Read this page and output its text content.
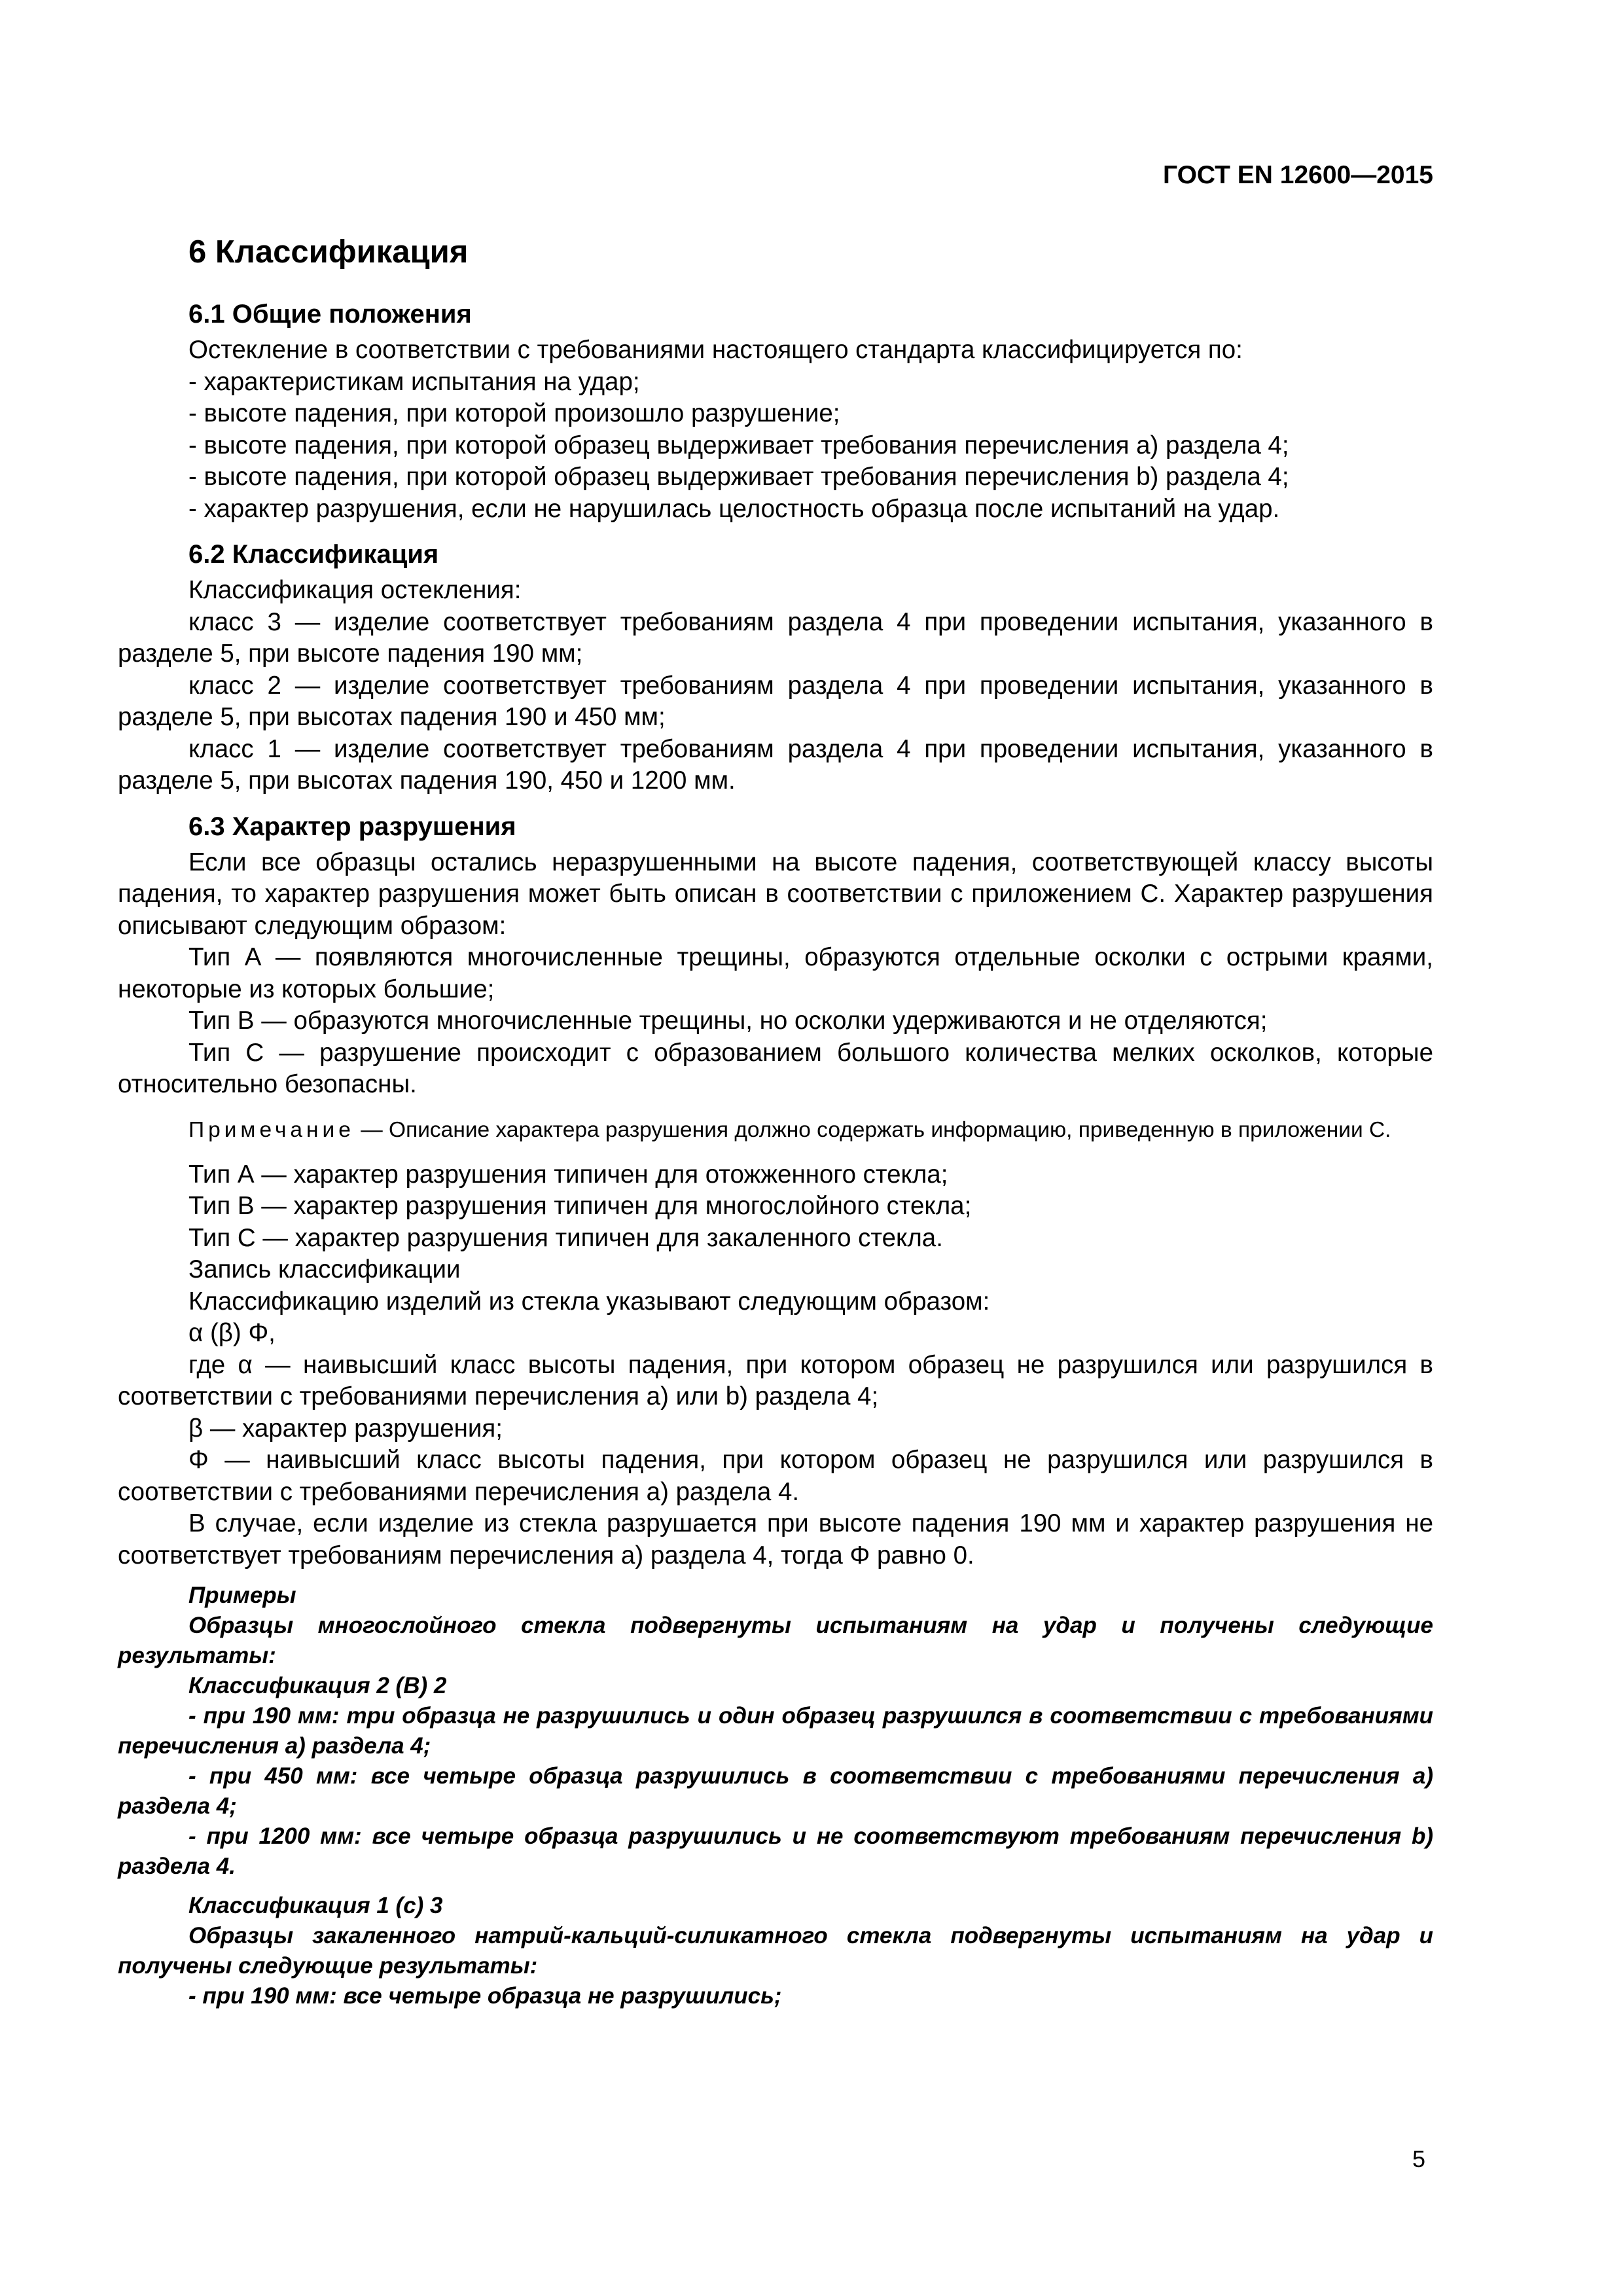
ГОСТ EN 12600—2015
6 Классификация
6.1 Общие положения

Остекление в соответствии с требованиями настоящего стандарта классифицируется по:

- характеристикам испытания на удар;

- высоте падения, при которой произошло разрушение;

- высоте падения, при которой образец выдерживает требования перечисления а) раздела 4;

- высоте падения, при которой образец выдерживает требования перечисления b) раздела 4;

- характер разрушения, если не нарушилась целостность образца после испытаний на удар.

6.2 Классификация

Классификация остекления:

класс 3 — изделие соответствует требованиям раздела 4 при проведении испытания, указанного в разделе 5, при высоте падения 190 мм;

класс 2 — изделие соответствует требованиям раздела 4 при проведении испытания, указанного в разделе 5, при высотах падения 190 и 450 мм;

класс 1 — изделие соответствует требованиям раздела 4 при проведении испытания, указанного в разделе 5, при высотах падения 190, 450 и 1200 мм.

6.3 Характер разрушения

Если все образцы остались неразрушенными на высоте падения, соответствующей классу высоты падения, то характер разрушения может быть описан в соответствии с приложением С. Характер разрушения описывают следующим образом:

Тип А — появляются многочисленные трещины, образуются отдельные осколки с острыми краями, некоторые из которых большие;

Тип В — образуются многочисленные трещины, но осколки удерживаются и не отделяются;

Тип С — разрушение происходит с образованием большого количества мелких осколков, которые относительно безопасны.

Примечание — Описание характера разрушения должно содержать информацию, приведенную в приложении С.

Тип А — характер разрушения типичен для отожженного стекла;

Тип В — характер разрушения типичен для многослойного стекла;

Тип С — характер разрушения типичен для закаленного стекла.

Запись классификации

Классификацию изделий из стекла указывают следующим образом:

α (β) Φ,

где α — наивысший класс высоты падения, при котором образец не разрушился или разрушился в соответствии с требованиями перечисления а) или b) раздела 4;

β — характер разрушения;

Φ — наивысший класс высоты падения, при котором образец не разрушился или разрушился в соответствии с требованиями перечисления а) раздела 4.

В случае, если изделие из стекла разрушается при высоте падения 190 мм и характер разрушения не соответствует требованиям перечисления а) раздела 4, тогда Φ равно 0.

Примеры

Образцы многослойного стекла подвергнуты испытаниям на удар и получены следующие результаты:

Классификация 2 (В) 2

- при 190 мм: три образца не разрушились и один образец разрушился в соответствии с требованиями перечисления а) раздела 4;

- при 450 мм: все четыре образца разрушились в соответствии с требованиями перечисления а) раздела 4;

- при 1200 мм: все четыре образца разрушились и не соответствуют требованиям перечисления b) раздела 4.

Классификация 1 (с) 3

Образцы закаленного натрий-кальций-силикатного стекла подвергнуты испытаниям на удар и получены следующие результаты:

- при 190 мм: все четыре образца не разрушились;

5
